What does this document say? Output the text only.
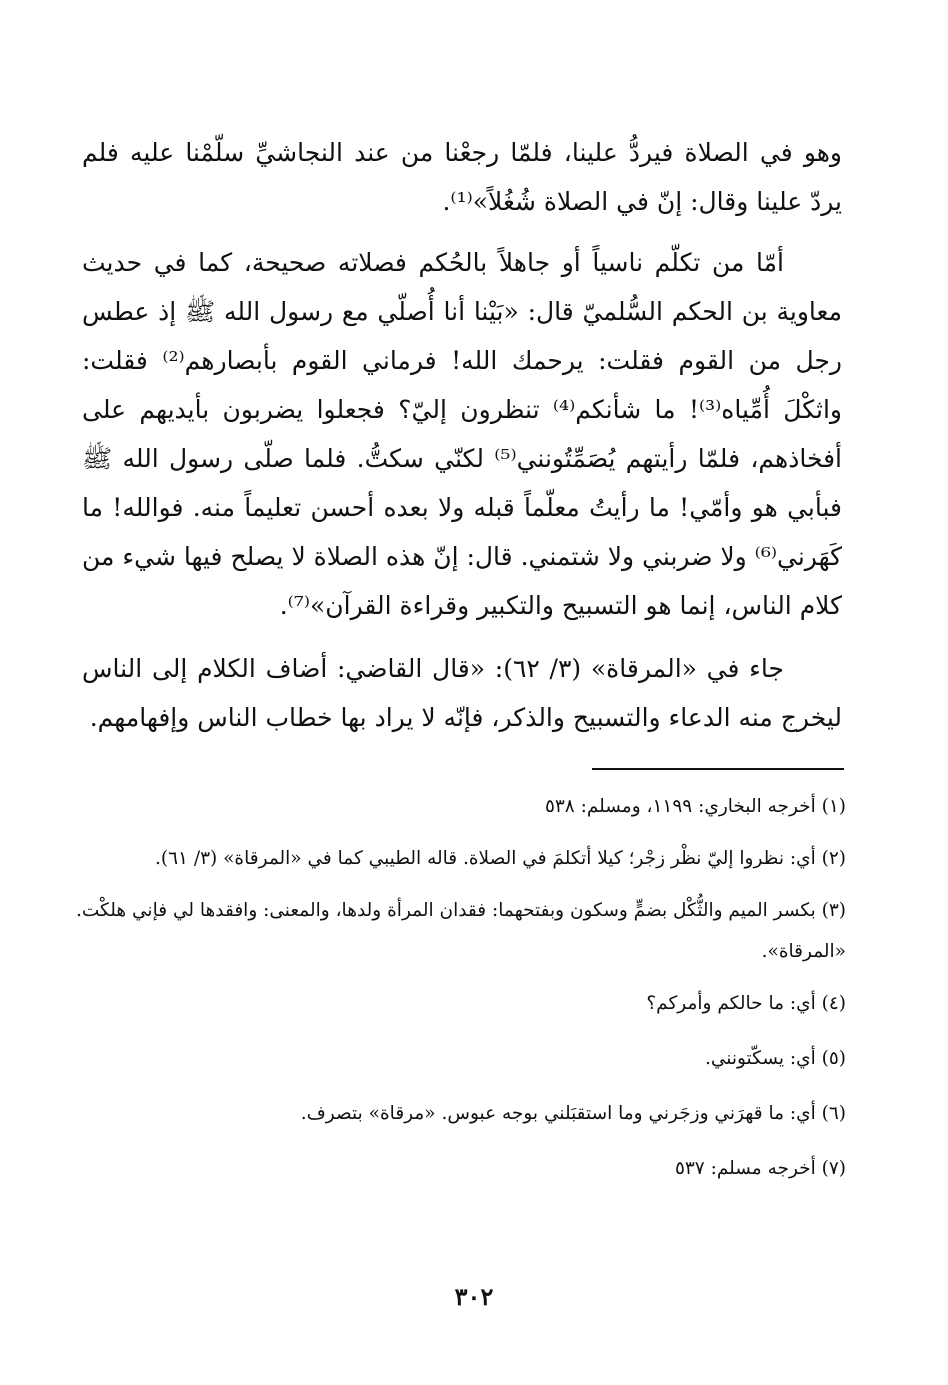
وهو في الصلاة فيردُّ علينا، فلمّا رجعْنا من عند النجاشيِّ سلّمْنا عليه فلم يردّ علينا وقال: إنّ في الصلاة شُغُلاً»⁽¹⁾.

أمّا من تكلّم ناسياً أو جاهلاً بالحُكم فصلاته صحيحة، كما في حديث معاوية بن الحكم السُّلميّ قال: «بَيْنا أنا أُصلّي مع رسول الله ﷺ إذ عطس رجل من القوم فقلت: يرحمك الله! فرماني القوم بأبصارهم⁽²⁾ فقلت: واثكْلَ أُمِّياه⁽³⁾! ما شأنكم⁽⁴⁾ تنظرون إليّ؟ فجعلوا يضربون بأيديهم على أفخاذهم، فلمّا رأيتهم يُصَمِّتُونني⁽⁵⁾ لكنّي سكتُّ. فلما صلّى رسول الله ﷺ فبأبي هو وأمّي! ما رأيتُ معلّماً قبله ولا بعده أحسن تعليماً منه. فوالله! ما كَهَرني⁽⁶⁾ ولا ضربني ولا شتمني. قال: إنّ هذه الصلاة لا يصلح فيها شيء من كلام الناس، إنما هو التسبيح والتكبير وقراءة القرآن»⁽⁷⁾.

جاء في «المرقاة» (٣/ ٦٢): «قال القاضي: أضاف الكلام إلى الناس ليخرج منه الدعاء والتسبيح والذكر، فإنّه لا يراد بها خطاب الناس وإفهامهم.

(١) أخرجه البخاري: ١١٩٩، ومسلم: ٥٣٨

(٢) أي: نظروا إليّ نظْر زجْر؛ كيلا أتكلمَ في الصلاة. قاله الطيبي كما في «المرقاة» (٣/ ٦١).

(٣) بكسر الميم والثُّكْل بضمٍّ وسكون وبفتحهما: فقدان المرأة ولدها، والمعنى: وافقدها لي فإني هلكْت. «المرقاة».

(٤) أي: ما حالكم وأمركم؟

(٥) أي: يسكّتونني.

(٦) أي: ما قهرَني وزجَرني وما استقبَلني بوجه عبوس. «مرقاة» بتصرف.

(٧) أخرجه مسلم: ٥٣٧

٣٠٢
